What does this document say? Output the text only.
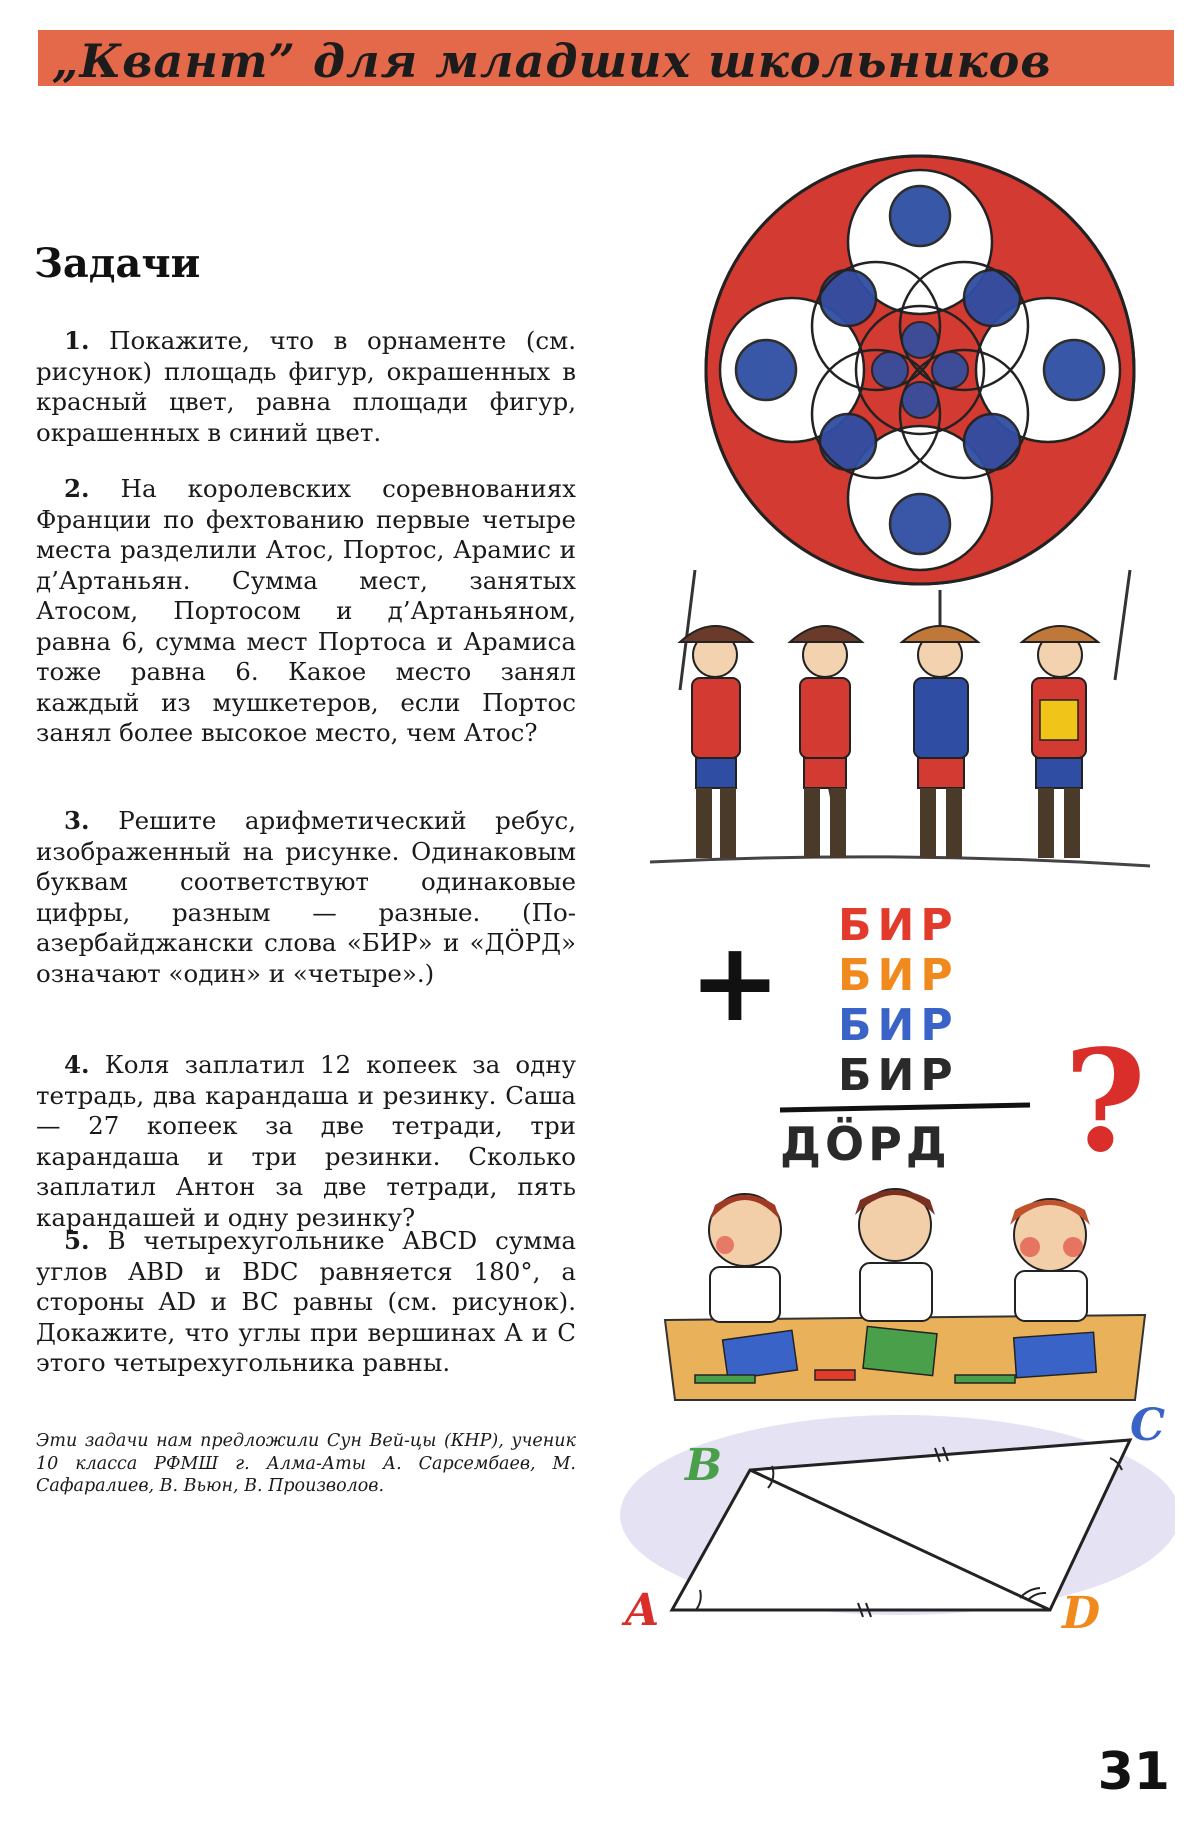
„Квант” для младших школьников
Задачи

1. Покажите, что в орнаменте (см. рисунок) площадь фигур, окрашенных в красный цвет, равна площади фигур, окрашенных в синий цвет.

2. На королевских соревнованиях Франции по фехтованию первые четыре места разделили Атос, Портос, Арамис и д’Артаньян. Сумма мест, занятых Атосом, Портосом и д’Артаньяном, равна 6, сумма мест Портоса и Арамиса тоже равна 6. Какое место занял каждый из мушкетеров, если Портос занял более высокое место, чем Атос?

3. Решите арифметический ребус, изображенный на рисунке. Одинаковым буквам соответствуют одинаковые цифры, разным — разные. (По-азербайджански слова «БИР» и «ДÖРД» означают «один» и «четыре».)

4. Коля заплатил 12 копеек за одну тетрадь, два карандаша и резинку. Саша — 27 копеек за две тетради, три карандаша и три резинки. Сколько заплатил Антон за две тетради, пять карандашей и одну резинку?

5. В четырехугольнике ABCD сумма углов ABD и BDC равняется 180°, а стороны AD и BC равны (см. рисунок). Докажите, что углы при вершинах A и C этого четырехугольника равны.

Эти задачи нам предложили Сун Вей-цы (КНР), ученик 10 класса РФМШ г. Алма-Аты А. Сарсембаев, М. Сафаралиев, В. Вьюн, В. Произволов.

+ БИР
БИР
БИР
БИР
ДÖРД ?
A
B
C
D
31
